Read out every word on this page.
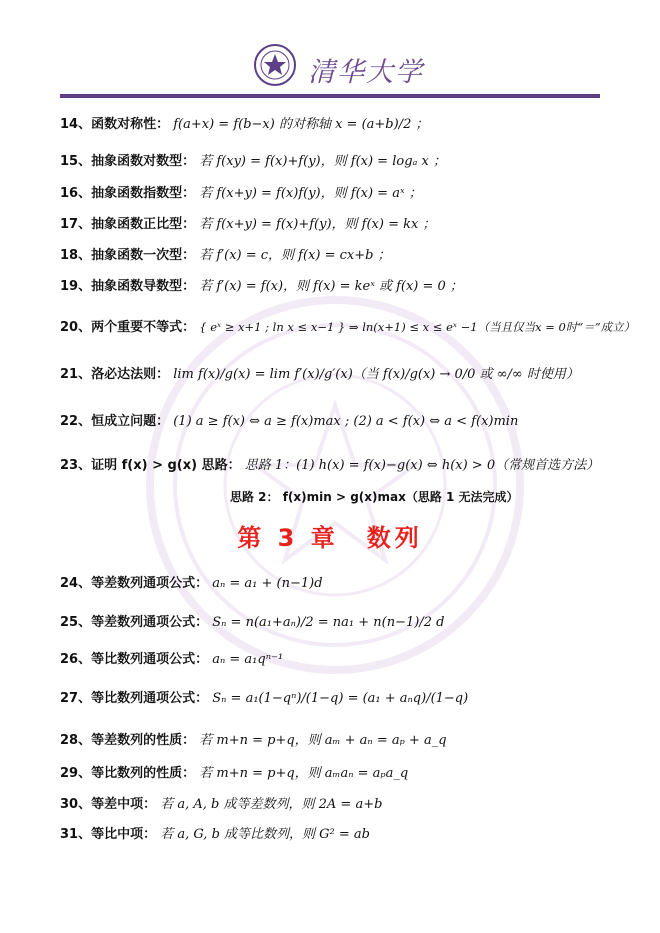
清华大学
14、函数对称性： f(a+x) = f(b−x) 的对称轴 x = (a+b)/2 ；
15、抽象函数对数型： 若 f(xy) = f(x)+f(y)，则 f(x) = logₐ x ；
16、抽象函数指数型： 若 f(x+y) = f(x)f(y)，则 f(x) = aˣ ；
17、抽象函数正比型： 若 f(x+y) = f(x)+f(y)，则 f(x) = kx ；
18、抽象函数一次型： 若 f′(x) = c，则 f(x) = cx+b ；
19、抽象函数导数型： 若 f′(x) = f(x)，则 f(x) = keˣ 或 f(x) = 0 ；
20、两个重要不等式： { eˣ ≥ x+1 ; ln x ≤ x−1 } ⇒ ln(x+1) ≤ x ≤ eˣ −1（当且仅当x = 0时“＝”成立）
21、洛必达法则： lim f(x)/g(x) = lim f′(x)/g′(x)（当 f(x)/g(x) → 0/0 或 ∞/∞ 时使用）
22、恒成立问题： (1) a ≥ f(x) ⇔ a ≥ f(x)max ; (2) a < f(x) ⇔ a < f(x)min
23、证明 f(x) > g(x) 思路： 思路 1：(1) h(x) = f(x)−g(x) ⇔ h(x) > 0（常规首选方法）
思路 2： f(x)min > g(x)max（思路 1 无法完成）
第 3 章　数列
24、等差数列通项公式： aₙ = a₁ + (n−1)d
25、等差数列通项公式： Sₙ = n(a₁+aₙ)/2 = na₁ + n(n−1)/2 d
26、等比数列通项公式： aₙ = a₁qⁿ⁻¹
27、等比数列通项公式： Sₙ = a₁(1−qⁿ)/(1−q) = (a₁ + aₙq)/(1−q)
28、等差数列的性质： 若 m+n = p+q，则 aₘ + aₙ = aₚ + a_q
29、等比数列的性质： 若 m+n = p+q，则 aₘaₙ = aₚa_q
30、等差中项： 若 a, A, b 成等差数列，则 2A = a+b
31、等比中项： 若 a, G, b 成等比数列，则 G² = ab
